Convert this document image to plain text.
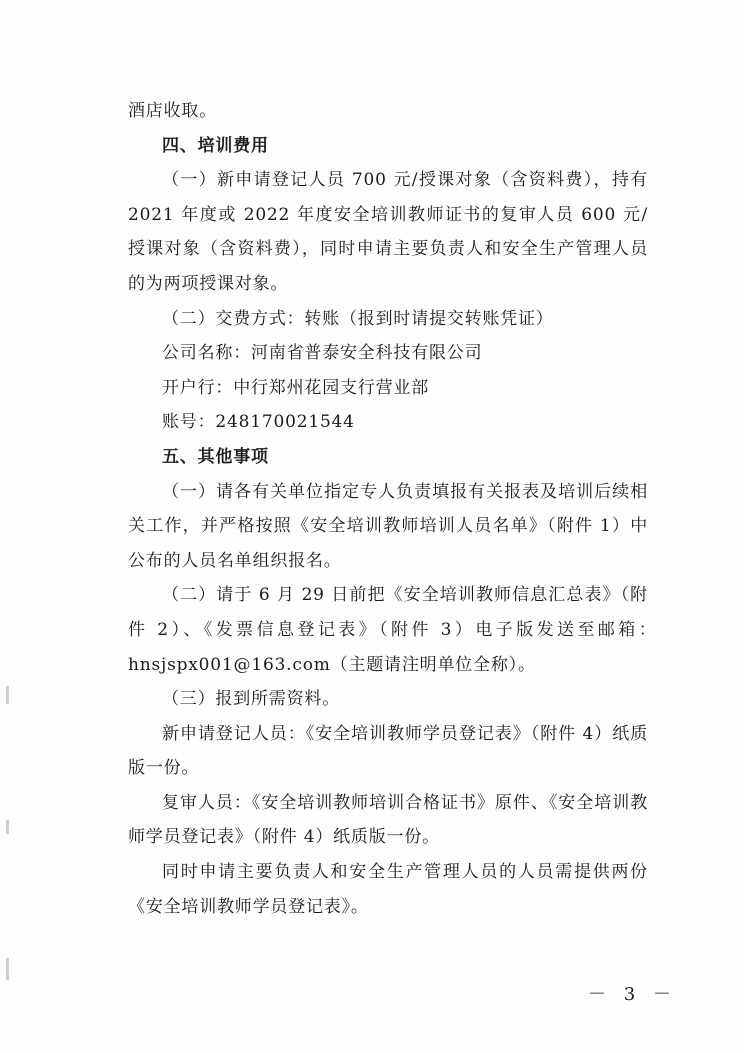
酒店收取。

四、培训费用

（一）新申请登记人员 700 元/授课对象（含资料费），持有 2021 年度或 2022 年度安全培训教师证书的复审人员 600 元/授课对象（含资料费），同时申请主要负责人和安全生产管理人员的为两项授课对象。

（二）交费方式：转账（报到时请提交转账凭证）

公司名称：河南省普泰安全科技有限公司

开户行：中行郑州花园支行营业部

账号：248170021544

五、其他事项

（一）请各有关单位指定专人负责填报有关报表及培训后续相关工作，并严格按照《安全培训教师培训人员名单》（附件 1）中公布的人员名单组织报名。

（二）请于 6 月 29 日前把《安全培训教师信息汇总表》（附件 2）、《发票信息登记表》（附件 3）电子版发送至邮箱：　hnsjspx001@163.com（主题请注明单位全称）。

（三）报到所需资料。

新申请登记人员：《安全培训教师学员登记表》（附件 4）纸质版一份。

复审人员：《安全培训教师培训合格证书》原件、《安全培训教师学员登记表》（附件 4）纸质版一份。

同时申请主要负责人和安全生产管理人员的人员需提供两份《安全培训教师学员登记表》。

－ 3 －
